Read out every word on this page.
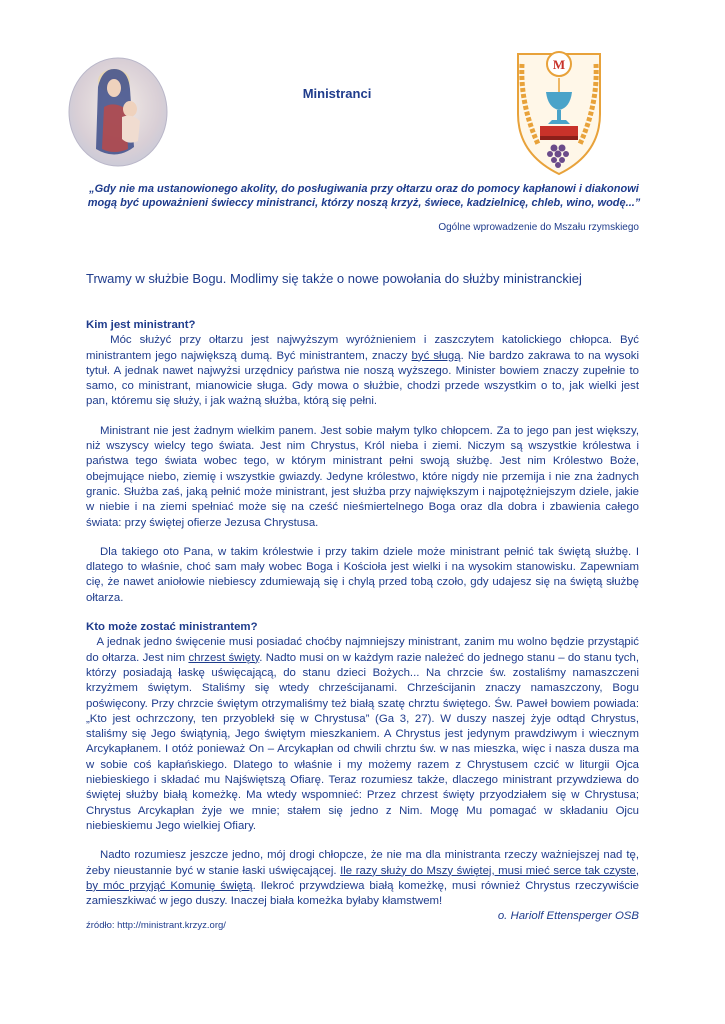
Ministranci
M
„Gdy nie ma ustanowionego akolity, do posługiwania przy ołtarzu oraz do pomocy kapłanowi i diakonowi mogą być upoważnieni świeccy ministranci, którzy noszą krzyż, świece, kadzielnicę, chleb, wino, wodę...”
Ogólne wprowadzenie do Mszału rzymskiego
Trwamy w służbie Bogu. Modlimy się także o nowe powołania do służby ministranckiej
Kim jest ministrant?

Móc służyć przy ołtarzu jest najwyższym wyróżnieniem i zaszczytem katolickiego chłopca. Być ministrantem jego największą dumą. Być ministrantem, znaczy być sługą. Nie bardzo zakrawa to na wysoki tytuł. A jednak nawet najwyżsi urzędnicy państwa nie noszą wyższego. Minister bowiem znaczy zupełnie to samo, co ministrant, mianowicie sługa. Gdy mowa o służbie, chodzi przede wszystkim o to, jak wielki jest pan, któremu się służy, i jak ważną służba, którą się pełni.

Ministrant nie jest żadnym wielkim panem. Jest sobie małym tylko chłopcem. Za to jego pan jest większy, niż wszyscy wielcy tego świata. Jest nim Chrystus, Król nieba i ziemi. Niczym są wszystkie królestwa i państwa tego świata wobec tego, w którym ministrant pełni swoją służbę. Jest nim Królestwo Boże, obejmujące niebo, ziemię i wszystkie gwiazdy. Jedyne królestwo, które nigdy nie przemija i nie zna żadnych granic. Służba zaś, jaką pełnić może ministrant, jest służba przy największym i najpotężniejszym dziele, jakie w niebie i na ziemi spełniać może się na cześć nieśmiertelnego Boga oraz dla dobra i zbawienia całego świata: przy świętej ofierze Jezusa Chrystusa.

Dla takiego oto Pana, w takim królestwie i przy takim dziele może ministrant pełnić tak świętą służbę. I dlatego to właśnie, choć sam mały wobec Boga i Kościoła jest wielki i na wysokim stanowisku. Zapewniam cię, że nawet aniołowie niebiescy zdumiewają się i chylą przed tobą czoło, gdy udajesz się na świętą służbę ołtarza.

Kto może zostać ministrantem?

A jednak jedno święcenie musi posiadać choćby najmniejszy ministrant, zanim mu wolno będzie przystąpić do ołtarza. Jest nim chrzest święty. Nadto musi on w każdym razie należeć do jednego stanu – do stanu tych, którzy posiadają łaskę uświęcającą, do stanu dzieci Bożych... Na chrzcie św. zostaliśmy namaszczeni krzyżmem świętym. Staliśmy się wtedy chrześcijanami. Chrześcijanin znaczy namaszczony, Bogu poświęcony. Przy chrzcie świętym otrzymaliśmy też białą szatę chrztu świętego. Św. Paweł bowiem powiada: „Kto jest ochrzczony, ten przyoblekł się w Chrystusa” (Ga 3, 27). W duszy naszej żyje odtąd Chrystus, staliśmy się Jego świątynią, Jego świętym mieszkaniem. A Chrystus jest jedynym prawdziwym i wiecznym Arcykapłanem. I otóż ponieważ On – Arcykapłan od chwili chrztu św. w nas mieszka, więc i nasza dusza ma w sobie coś kapłańskiego. Dlatego to właśnie i my możemy razem z Chrystusem czcić w liturgii Ojca niebieskiego i składać mu Najświętszą Ofiarę. Teraz rozumiesz także, dlaczego ministrant przywdziewa do świętej służby białą komeżkę. Ma wtedy wspomnieć: Przez chrzest święty przyodziałem się w Chrystusa; Chrystus Arcykapłan żyje we mnie; stałem się jedno z Nim. Mogę Mu pomagać w składaniu Ojcu niebieskiemu Jego wielkiej Ofiary.

Nadto rozumiesz jeszcze jedno, mój drogi chłopcze, że nie ma dla ministranta rzeczy ważniejszej nad tę, żeby nieustannie być w stanie łaski uświęcającej. Ile razy służy do Mszy świętej, musi mieć serce tak czyste, by móc przyjąć Komunię świętą. Ilekroć przywdziewa białą komeżkę, musi również Chrystus rzeczywiście zamieszkiwać w jego duszy. Inaczej biała komeżka byłaby kłamstwem!

o. Hariolf Ettensperger OSB
źródło: http://ministrant.krzyz.org/
